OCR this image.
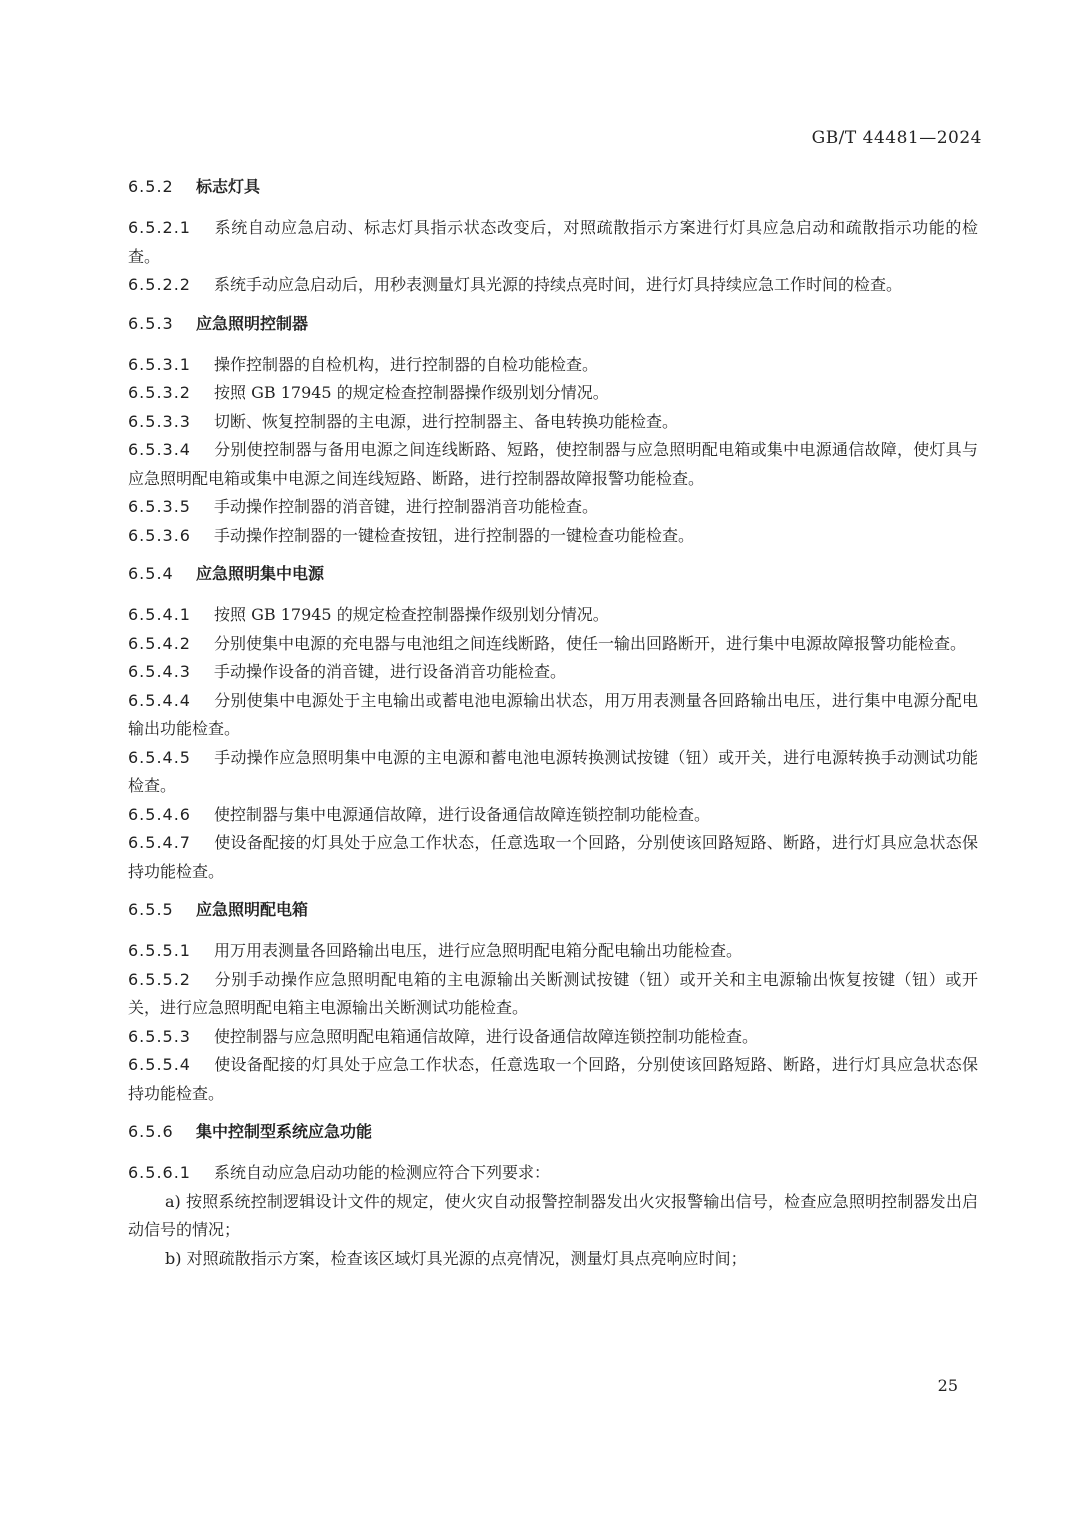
GB/T 44481—2024
6.5.2 标志灯具

6.5.2.1 系统自动应急启动、标志灯具指示状态改变后，对照疏散指示方案进行灯具应急启动和疏散指示功能的检查。

6.5.2.2 系统手动应急启动后，用秒表测量灯具光源的持续点亮时间，进行灯具持续应急工作时间的检查。

6.5.3 应急照明控制器

6.5.3.1 操作控制器的自检机构，进行控制器的自检功能检查。

6.5.3.2 按照 GB 17945 的规定检查控制器操作级别划分情况。

6.5.3.3 切断、恢复控制器的主电源，进行控制器主、备电转换功能检查。

6.5.3.4 分别使控制器与备用电源之间连线断路、短路，使控制器与应急照明配电箱或集中电源通信故障，使灯具与应急照明配电箱或集中电源之间连线短路、断路，进行控制器故障报警功能检查。

6.5.3.5 手动操作控制器的消音键，进行控制器消音功能检查。

6.5.3.6 手动操作控制器的一键检查按钮，进行控制器的一键检查功能检查。

6.5.4 应急照明集中电源

6.5.4.1 按照 GB 17945 的规定检查控制器操作级别划分情况。

6.5.4.2 分别使集中电源的充电器与电池组之间连线断路，使任一输出回路断开，进行集中电源故障报警功能检查。

6.5.4.3 手动操作设备的消音键，进行设备消音功能检查。

6.5.4.4 分别使集中电源处于主电输出或蓄电池电源输出状态，用万用表测量各回路输出电压，进行集中电源分配电输出功能检查。

6.5.4.5 手动操作应急照明集中电源的主电源和蓄电池电源转换测试按键（钮）或开关，进行电源转换手动测试功能检查。

6.5.4.6 使控制器与集中电源通信故障，进行设备通信故障连锁控制功能检查。

6.5.4.7 使设备配接的灯具处于应急工作状态，任意选取一个回路，分别使该回路短路、断路，进行灯具应急状态保持功能检查。

6.5.5 应急照明配电箱

6.5.5.1 用万用表测量各回路输出电压，进行应急照明配电箱分配电输出功能检查。

6.5.5.2 分别手动操作应急照明配电箱的主电源输出关断测试按键（钮）或开关和主电源输出恢复按键（钮）或开关，进行应急照明配电箱主电源输出关断测试功能检查。

6.5.5.3 使控制器与应急照明配电箱通信故障，进行设备通信故障连锁控制功能检查。

6.5.5.4 使设备配接的灯具处于应急工作状态，任意选取一个回路，分别使该回路短路、断路，进行灯具应急状态保持功能检查。

6.5.6 集中控制型系统应急功能

6.5.6.1 系统自动应急启动功能的检测应符合下列要求：

a) 按照系统控制逻辑设计文件的规定，使火灾自动报警控制器发出火灾报警输出信号，检查应急照明控制器发出启动信号的情况；

b) 对照疏散指示方案，检查该区域灯具光源的点亮情况，测量灯具点亮响应时间；

25
